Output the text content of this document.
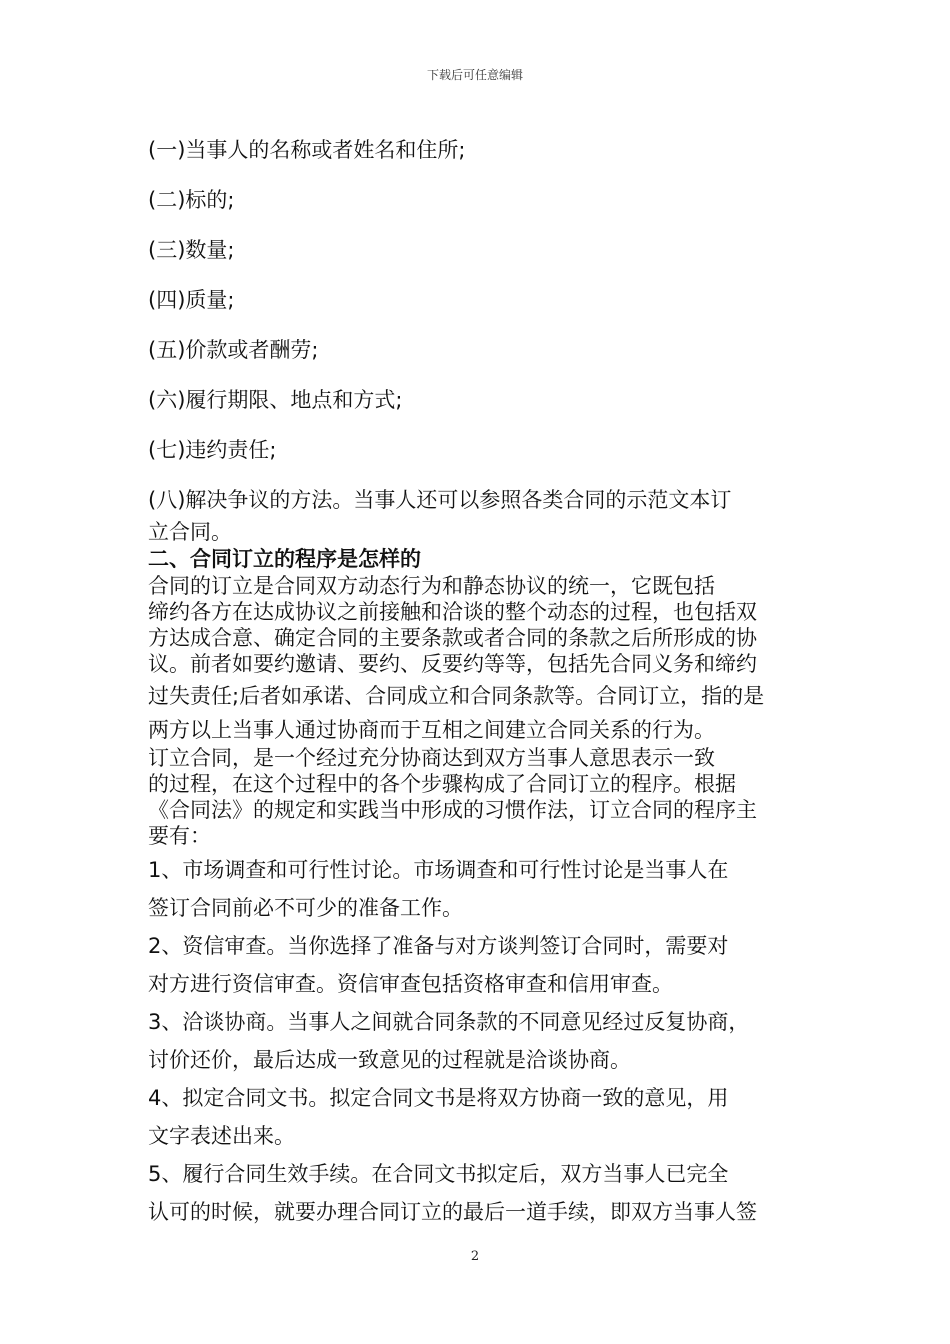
下载后可任意编辑
(一)当事人的名称或者姓名和住所;
(二)标的;
(三)数量;
(四)质量;
(五)价款或者酬劳;
(六)履行期限、地点和方式;
(七)违约责任;
(八)解决争议的方法。当事人还可以参照各类合同的示范文本订
立合同。
二、合同订立的程序是怎样的
合同的订立是合同双方动态行为和静态协议的统一，它既包括
缔约各方在达成协议之前接触和洽谈的整个动态的过程，也包括双
方达成合意、确定合同的主要条款或者合同的条款之后所形成的协
议。前者如要约邀请、要约、反要约等等，包括先合同义务和缔约
过失责任;后者如承诺、合同成立和合同条款等。合同订立，指的是
两方以上当事人通过协商而于互相之间建立合同关系的行为。
订立合同，是一个经过充分协商达到双方当事人意思表示一致
的过程，在这个过程中的各个步骤构成了合同订立的程序。根据
《合同法》的规定和实践当中形成的习惯作法，订立合同的程序主
要有：
1、市场调查和可行性讨论。市场调查和可行性讨论是当事人在
签订合同前必不可少的准备工作。
2、资信审查。当你选择了准备与对方谈判签订合同时，需要对
对方进行资信审查。资信审查包括资格审查和信用审查。
3、洽谈协商。当事人之间就合同条款的不同意见经过反复协商，
讨价还价，最后达成一致意见的过程就是洽谈协商。
4、拟定合同文书。拟定合同文书是将双方协商一致的意见，用
文字表述出来。
5、履行合同生效手续。在合同文书拟定后，双方当事人已完全
认可的时候，就要办理合同订立的最后一道手续，即双方当事人签
2
